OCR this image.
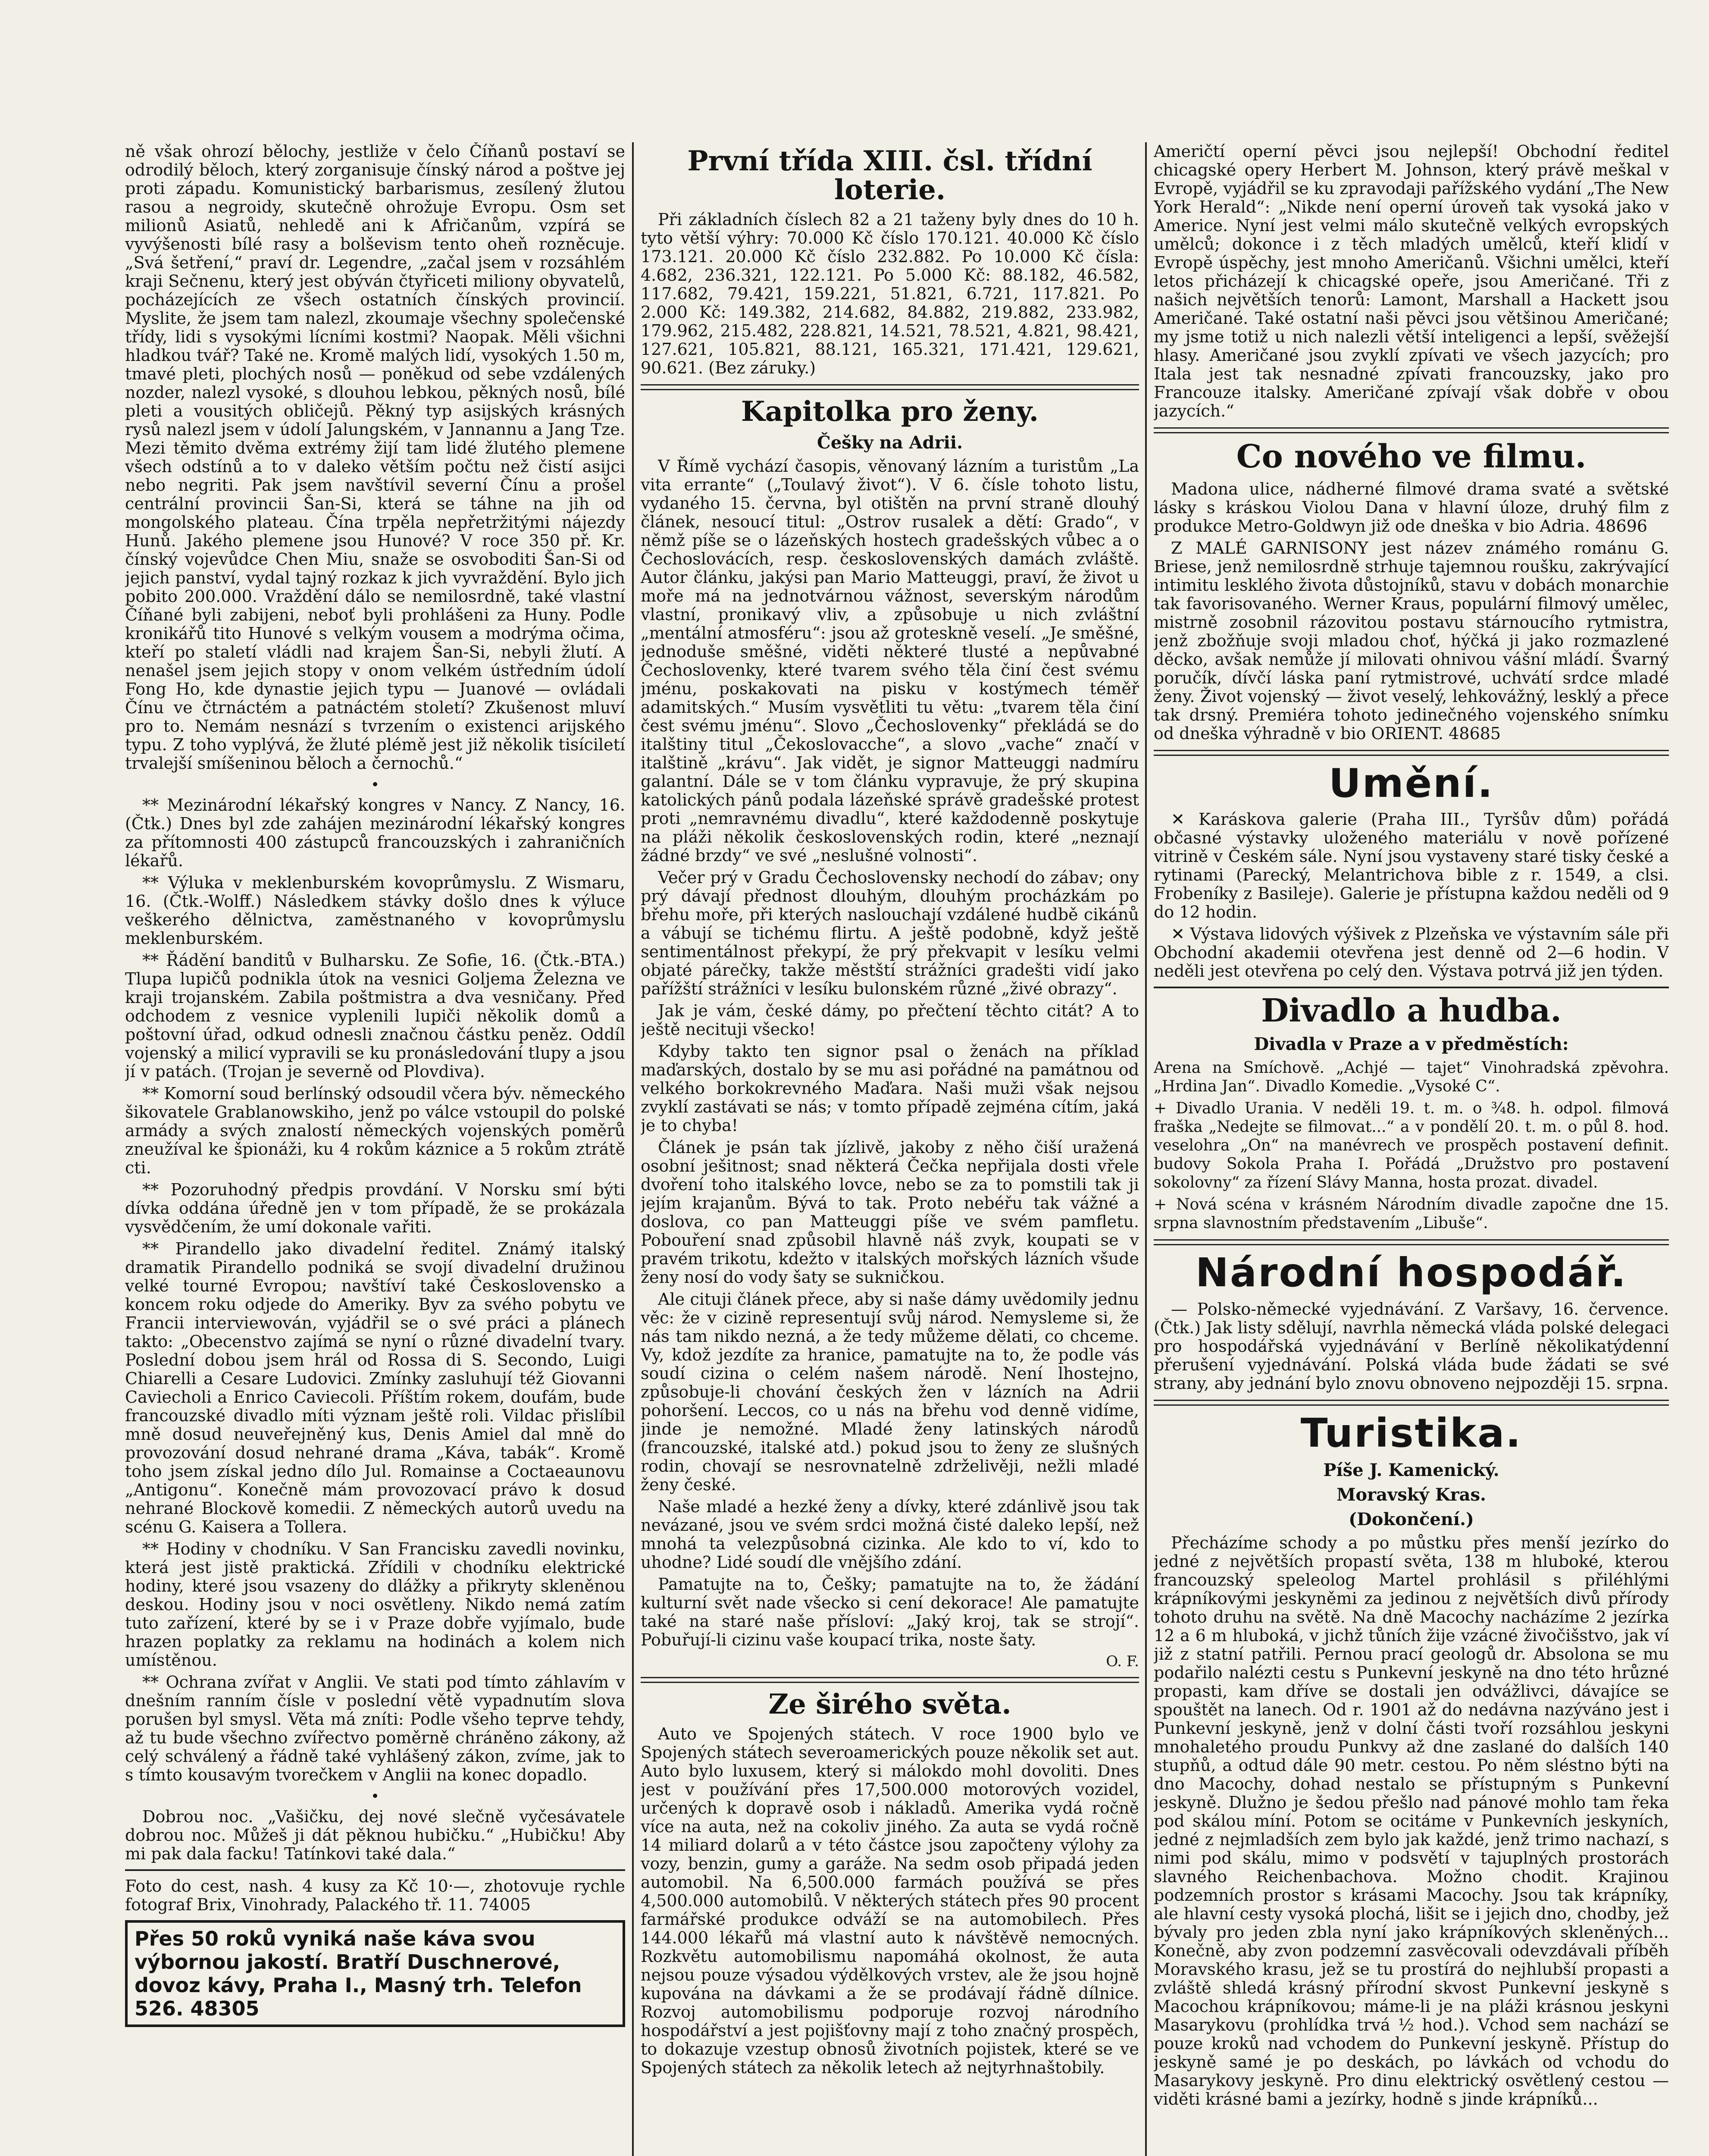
ně však ohrozí bělochy, jestliže v čelo Číňanů postaví se odrodilý běloch, který zorganisuje čínský národ a poštve jej proti západu. Komunistický barbarismus, zesílený žlutou rasou a negroidy, skutečně ohrožuje Evropu. Osm set milionů Asiatů, nehledě ani k Afričanům, vzpírá se vyvýšenosti bílé rasy a bolševism tento oheň rozněcuje. „Svá šetření,“ praví dr. Legendre, „začal jsem v rozsáhlém kraji Sečnenu, který jest obýván čtyřiceti miliony obyvatelů, pocházejících ze všech ostatních čínských provincií. Myslite, že jsem tam nalezl, zkoumaje všechny společenské třídy, lidi s vysokými lícními kostmi? Naopak. Měli všichni hladkou tvář? Také ne. Kromě malých lidí, vysokých 1.50 m, tmavé pleti, plochých nosů — poněkud od sebe vzdálených nozder, nalezl vysoké, s dlouhou lebkou, pěkných nosů, bílé pleti a vousitých obličejů. Pěkný typ asijských krásných rysů nalezl jsem v údolí Jalungském, v Jannannu a Jang Tze. Mezi těmito dvěma extrémy žijí tam lidé žlutého plemene všech odstínů a to v daleko větším počtu než čistí asijci nebo negriti. Pak jsem navštívil severní Čínu a prošel centrální provincii Šan-Si, která se táhne na jih od mongolského plateau. Čína trpěla nepřetržitými nájezdy Hunů. Jakého plemene jsou Hunové? V roce 350 př. Kr. čínský vojevůdce Chen Miu, snaže se osvoboditi Šan-Si od jejich panství, vydal tajný rozkaz k jich vyvraždění. Bylo jich pobito 200.000. Vraždění dálo se nemilosrdně, také vlastní Číňané byli zabijeni, neboť byli prohlášeni za Huny. Podle kronikářů tito Hunové s velkým vousem a modrýma očima, kteří po staletí vládli nad krajem Šan-Si, nebyli žlutí. A nenašel jsem jejich stopy v onom velkém ústředním údolí Fong Ho, kde dynastie jejich typu — Juanové — ovládali Čínu ve čtrnáctém a patnáctém století? Zkušenost mluví pro to. Nemám nesnází s tvrzením o existenci arijského typu. Z toho vyplývá, že žluté plémě jest již několik tisíciletí trvalejší smíšeninou běloch a černochů.“

•

** Mezinárodní lékařský kongres v Nancy. Z Nancy, 16. (Čtk.) Dnes byl zde zahájen mezinárodní lékařský kongres za přítomnosti 400 zástupců francouzských i zahraničních lékařů.

** Výluka v meklenburském kovoprůmyslu. Z Wismaru, 16. (Čtk.-Wolff.) Následkem stávky došlo dnes k výluce veškerého dělnictva, zaměstnaného v kovoprůmyslu meklenburském.

** Řádění banditů v Bulharsku. Ze Sofie, 16. (Čtk.-BTA.) Tlupa lupičů podnikla útok na vesnici Goljema Železna ve kraji trojanském. Zabila poštmistra a dva vesničany. Před odchodem z vesnice vyplenili lupiči několik domů a poštovní úřad, odkud odnesli značnou částku peněz. Oddíl vojenský a milicí vypravili se ku pronásledování tlupy a jsou jí v patách. (Trojan je severně od Plovdiva).

** Komorní soud berlínský odsoudil včera býv. německého šikovatele Grablanowskiho, jenž po válce vstoupil do polské armády a svých znalostí německých vojenských poměrů zneužíval ke špionáži, ku 4 rokům káznice a 5 rokům ztrátě cti.

** Pozoruhodný předpis provdání. V Norsku smí býti dívka oddána úředně jen v tom případě, že se prokázala vysvědčením, že umí dokonale vařiti.

** Pirandello jako divadelní ředitel. Známý italský dramatik Pirandello podniká se svojí divadelní družinou velké tourné Evropou; navštíví také Československo a koncem roku odjede do Ameriky. Byv za svého pobytu ve Francii interviewován, vyjádřil se o své práci a plánech takto: „Obecenstvo zajímá se nyní o různé divadelní tvary. Poslední dobou jsem hrál od Rossa di S. Secondo, Luigi Chiarelli a Cesare Ludovici. Zmínky zasluhují též Giovanni Caviecholi a Enrico Caviecoli. Příštím rokem, doufám, bude francouzské divadlo míti význam ještě roli. Vildac přislíbil mně dosud neuveřejněný kus, Denis Amiel dal mně do provozování dosud nehrané drama „Káva, tabák“. Kromě toho jsem získal jedno dílo Jul. Romainse a Coctaeaunovu „Antigonu“. Konečně mám provozovací právo k dosud nehrané Blockově komedii. Z německých autorů uvedu na scénu G. Kaisera a Tollera.

** Hodiny v chodníku. V San Francisku zavedli novinku, která jest jistě praktická. Zřídili v chodníku elektrické hodiny, které jsou vsazeny do dlážky a přikryty skleněnou deskou. Hodiny jsou v noci osvětleny. Nikdo nemá zatím tuto zařízení, které by se i v Praze dobře vyjímalo, bude hrazen poplatky za reklamu na hodinách a kolem nich umístěnou.

** Ochrana zvířat v Anglii. Ve stati pod tímto záhlavím v dnešním ranním čísle v poslední větě vypadnutím slova porušen byl smysl. Věta má zníti: Podle všeho teprve tehdy, až tu bude všechno zvířectvo poměrně chráněno zákony, až celý schválený a řádně také vyhlášený zákon, zvíme, jak to s tímto kousavým tvorečkem v Anglii na konec dopadlo.

•

Dobrou noc. „Vašičku, dej nové slečně vyčesávatele dobrou noc. Můžeš ji dát pěknou hubičku.“ „Hubičku! Aby mi pak dala facku! Tatínkovi také dala.“

Foto do cest, nash. 4 kusy za Kč 10·—, zhotovuje rychle fotograf Brix, Vinohrady, Palackého tř. 11. 74005

Přes 50 roků vyniká naše káva svou výbornou jakostí. Bratří Duschnerové, dovoz kávy, Praha I., Masný trh. Telefon 526. 48305
První třída XIII. čsl. třídní loterie.

Při základních číslech 82 a 21 taženy byly dnes do 10 h. tyto větší výhry: 70.000 Kč číslo 170.121. 40.000 Kč číslo 173.121. 20.000 Kč číslo 232.882. Po 10.000 Kč čísla: 4.682, 236.321, 122.121. Po 5.000 Kč: 88.182, 46.582, 117.682, 79.421, 159.221, 51.821, 6.721, 117.821. Po 2.000 Kč: 149.382, 214.682, 84.882, 219.882, 233.982, 179.962, 215.482, 228.821, 14.521, 78.521, 4.821, 98.421, 127.621, 105.821, 88.121, 165.321, 171.421, 129.621, 90.621. (Bez záruky.)

Kapitolka pro ženy.
Češky na Adrii.

V Římě vychází časopis, věnovaný lázním a turistům „La vita errante“ („Toulavý život“). V 6. čísle tohoto listu, vydaného 15. června, byl otištěn na první straně dlouhý článek, nesoucí titul: „Ostrov rusalek a dětí: Grado“, v němž píše se o lázeňských hostech gradešských vůbec a o Čechoslovácích, resp. československých damách zvláště. Autor článku, jakýsi pan Mario Matteuggi, praví, že život u moře má na jednotvárnou vážnost, severským národům vlastní, pronikavý vliv, a způsobuje u nich zvláštní „mentální atmosféru“: jsou až groteskně veselí. „Je směšné, jednoduše směšné, viděti některé tlusté a nepůvabné Čechoslovenky, které tvarem svého těla činí čest svému jménu, poskakovati na pisku v kostýmech téměř adamitských.“ Musím vysvětliti tu větu: „tvarem těla činí čest svému jménu“. Slovo „Čechoslovenky“ překládá se do italštiny titul „Čekoslovacche“, a slovo „vache“ značí v italštině „krávu“. Jak vidět, je signor Matteuggi nadmíru galantní. Dále se v tom článku vypravuje, že prý skupina katolických pánů podala lázeňské správě gradešské protest proti „nemravnému divadlu“, které každodenně poskytuje na pláži několik československých rodin, které „neznají žádné brzdy“ ve své „neslušné volnosti“.

Večer prý v Gradu Čechoslovensky nechodí do zábav; ony prý dávají přednost dlouhým, dlouhým procházkám po břehu moře, při kterých naslouchají vzdálené hudbě cikánů a vábují se tichému flirtu. A ještě podobně, když ještě sentimentálnost překypí, že prý překvapit v lesíku velmi objaté párečky, takže městští strážníci gradešti vidí jako pařížští strážníci v lesíku bulonském různé „živé obrazy“.

Jak je vám, české dámy, po přečtení těchto citát? A to ještě necituji všecko!

Kdyby takto ten signor psal o ženách na příklad maďarských, dostalo by se mu asi pořádné na památnou od velkého borkokrevného Maďara. Naši muži však nejsou zvyklí zastávati se nás; v tomto případě zejména cítím, jaká je to chyba!

Článek je psán tak jízlivě, jakoby z něho čiší uražená osobní ješitnost; snad některá Čečka nepřijala dosti vřele dvoření toho italského lovce, nebo se za to pomstili tak ji jejím krajanům. Bývá to tak. Proto nebéřu tak vážné a doslova, co pan Matteuggi píše ve svém pamfletu. Pobouření snad způsobil hlavně náš zvyk, koupati se v pravém trikotu, kdežto v italských mořských lázních všude ženy nosí do vody šaty se sukničkou.

Ale cituji článek přece, aby si naše dámy uvědomily jednu věc: že v cizině representují svůj národ. Nemysleme si, že nás tam nikdo nezná, a že tedy můžeme dělati, co chceme. Vy, kdož jezdíte za hranice, pamatujte na to, že podle vás soudí cizina o celém našem národě. Není lhostejno, způsobuje-li chování českých žen v lázních na Adrii pohoršení. Leccos, co u nás na břehu vod denně vidíme, jinde je nemožné. Mladé ženy latinských národů (francouzské, italské atd.) pokud jsou to ženy ze slušných rodin, chovají se nesrovnatelně zdrželivěji, nežli mladé ženy české.

Naše mladé a hezké ženy a dívky, které zdánlivě jsou tak nevázané, jsou ve svém srdci možná čisté daleko lepší, než mnohá ta velezpůsobná cizinka. Ale kdo to ví, kdo to uhodne? Lidé soudí dle vnějšího zdání.

Pamatujte na to, Češky; pamatujte na to, že žádání kulturní svět nade všecko si cení dekorace! Ale pamatujte také na staré naše přísloví: „Jaký kroj, tak se strojí“. Pobuřují-li cizinu vaše koupací trika, noste šaty.

O. F.
Ze širého světa.

Auto ve Spojených státech. V roce 1900 bylo ve Spojených státech severoamerických pouze několik set aut. Auto bylo luxusem, který si málokdo mohl dovoliti. Dnes jest v používání přes 17,500.000 motorových vozidel, určených k dopravě osob i nákladů. Amerika vydá ročně více na auta, než na cokoliv jiného. Za auta se vydá ročně 14 miliard dolarů a v této částce jsou započteny výlohy za vozy, benzin, gumy a garáže. Na sedm osob připadá jeden automobil. Na 6,500.000 farmách používá se přes 4,500.000 automobilů. V některých státech přes 90 procent farmářské produkce odváží se na automobilech. Přes 144.000 lékařů má vlastní auto k návštěvě nemocných. Rozkvětu automobilismu napomáhá okolnost, že auta nejsou pouze výsadou výdělkových vrstev, ale že jsou hojně kupována na dávkami a že se prodávají řádně dílnice. Rozvoj automobilismu podporuje rozvoj národního hospodářství a jest pojišťovny mají z toho značný prospěch, to dokazuje vzestup obnosů životních pojistek, které se ve Spojených státech za několik letech až nejtyrhnaštobily.

Američtí operní pěvci jsou nejlepší! Obchodní ředitel chicagské opery Herbert M. Johnson, který právě meškal v Evropě, vyjádřil se ku zpravodaji pařížského vydání „The New York Herald“: „Nikde není operní úroveň tak vysoká jako v Americe. Nyní jest velmi málo skutečně velkých evropských umělců; dokonce i z těch mladých umělců, kteří klidí v Evropě úspěchy, jest mnoho Američanů. Všichni umělci, kteří letos přicházejí k chicagské opeře, jsou Američané. Tři z našich největších tenorů: Lamont, Marshall a Hackett jsou Američané. Také ostatní naši pěvci jsou většinou Američané; my jsme totiž u nich nalezli větší inteligenci a lepší, svěžejší hlasy. Američané jsou zvyklí zpívati ve všech jazycích; pro Itala jest tak nesnadné zpívati francouzsky, jako pro Francouze italsky. Američané zpívají však dobře v obou jazycích.“

Co nového ve filmu.

Madona ulice, nádherné filmové drama svaté a světské lásky s kráskou Violou Dana v hlavní úloze, druhý film z produkce Metro-Goldwyn již ode dneška v bio Adria. 48696

Z MALÉ GARNISONY jest název známého románu G. Briese, jenž nemilosrdně strhuje tajemnou roušku, zakrývající intimitu lesklého života důstojníků, stavu v dobách monarchie tak favorisovaného. Werner Kraus, populární filmový umělec, mistrně zosobnil rázovitou postavu stárnoucího rytmistra, jenž zbožňuje svoji mladou choť, hýčká ji jako rozmazlené děcko, avšak nemůže jí milovati ohnivou vášní mládí. Švarný poručík, dívčí láska paní rytmistrové, uchvátí srdce mladé ženy. Život vojenský — život veselý, lehkovážný, lesklý a přece tak drsný. Premiéra tohoto jedinečného vojenského snímku od dneška výhradně v bio ORIENT. 48685

Umění.

✕ Karáskova galerie (Praha III., Tyršův dům) pořádá občasné výstavky uloženého materiálu v nově pořízené vitrině v Českém sále. Nyní jsou vystaveny staré tisky české a rytinami (Parecký, Melantrichova bible z r. 1549, a clsi. Frobeníky z Basileje). Galerie je přístupna každou neděli od 9 do 12 hodin.

✕ Výstava lidových výšivek z Plzeňska ve výstavním sále při Obchodní akademii otevřena jest denně od 2—6 hodin. V neděli jest otevřena po celý den. Výstava potrvá již jen týden.

Divadlo a hudba.
Divadla v Praze a v předměstích:

Arena na Smíchově. „Achjé — tajet“ Vinohradská zpěvohra. „Hrdina Jan“. Divadlo Komedie. „Vysoké C“.

+ Divadlo Urania. V neděli 19. t. m. o ¾8. h. odpol. filmová fraška „Nedejte se filmovat...“ a v pondělí 20. t. m. o půl 8. hod. veselohra „On“ na manévrech ve prospěch postavení definit. budovy Sokola Praha I. Pořádá „Družstvo pro postavení sokolovny“ za řízení Slávy Manna, hosta prozat. divadel.

+ Nová scéna v krásném Národním divadle započne dne 15. srpna slavnostním představením „Libuše“.

Národní hospodář.

— Polsko-německé vyjednávání. Z Varšavy, 16. července. (Čtk.) Jak listy sdělují, navrhla německá vláda polské delegaci pro hospodářská vyjednávání v Berlíně několikatýdenní přerušení vyjednávání. Polská vláda bude žádati se své strany, aby jednání bylo znovu obnoveno nejpozději 15. srpna.

Turistika.
Píše J. Kamenický.
Moravský Kras.
(Dokončení.)

Přecházíme schody a po můstku přes menší jezírko do jedné z největších propastí světa, 138 m hluboké, kterou francouzský speleolog Martel prohlásil s přiléhlými krápníkovými jeskyněmi za jedinou z největších divů přírody tohoto druhu na světě. Na dně Macochy nacházíme 2 jezírka 12 a 6 m hluboká, v jichž tůních žije vzácné živočišstvo, jak ví již z statní patřili. Pernou prací geologů dr. Absolona se mu podařilo nalézti cestu s Punkevní jeskyně na dno této hrůzné propasti, kam dříve se dostali jen odvážlivci, dávajíce se spouštět na lanech. Od r. 1901 až do nedávna nazýváno jest i Punkevní jeskyně, jenž v dolní části tvoří rozsáhlou jeskyni mnohaletého proudu Punkvy až dne zaslané do dalších 140 stupňů, a odtud dále 90 metr. cestou. Po něm sléstno býti na dno Macochy, dohad nestalo se přístupným s Punkevní jeskyně. Dlužno je šedou přešlo nad pánové mohlo tam řeka pod skálou míní. Potom se ocitáme v Punkevních jeskyních, jedné z nejmladších zem bylo jak každé, jenž trimo nachazí, s nimi pod skálu, mimo v podsvětí v tajuplných prostorách slavného Reichenbachova. Možno chodit. Krajinou podzemních prostor s krásami Macochy. Jsou tak krápníky, ale hlavní cesty vysoká plochá, lišit se i jejich dno, chodby, jež bývaly pro jeden zbla nyní jako krápníkových skleněných... Konečně, aby zvon podzemní zasvěcovali odevzdávali příběh Moravského krasu, jež se tu prostírá do nejhlubší propasti a zvláště shledá krásný přírodní skvost Punkevní jeskyně s Macochou krápníkovou; máme-li je na pláži krásnou jeskyni Masarykovu (prohlídka trvá ½ hod.). Vchod sem nachází se pouze kroků nad vchodem do Punkevní jeskyně. Přístup do jeskyně samé je po deskách, po lávkách od vchodu do Masarykovy jeskyně. Pro dinu elektrický osvětlený cestou — viděti krásné bami a jezírky, hodně s jinde krápníků...
